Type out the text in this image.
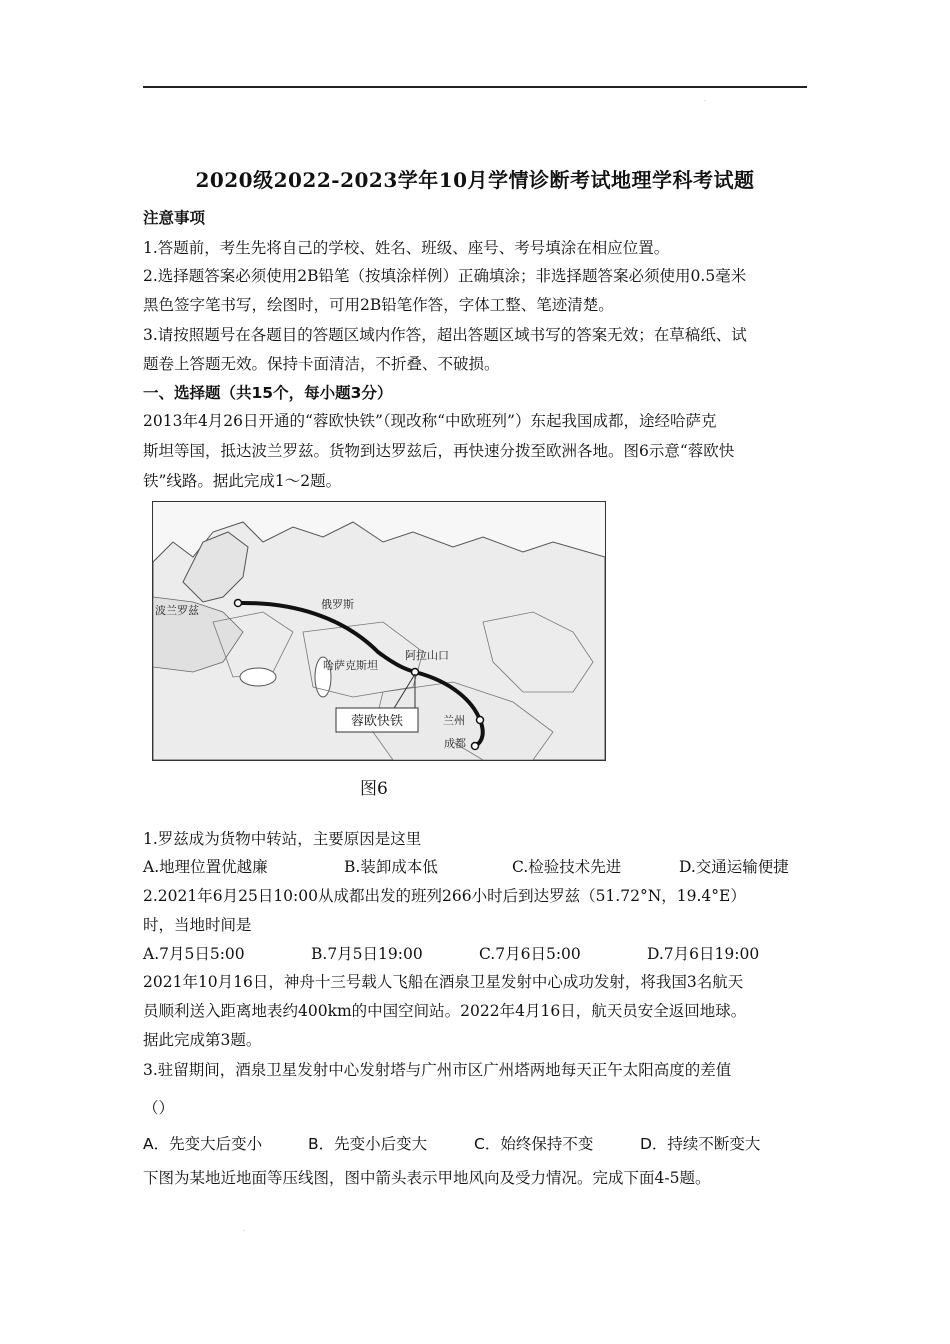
.
2020级2022-2023学年10月学情诊断考试地理学科考试题
注意事项
1.答题前，考生先将自己的学校、姓名、班级、座号、考号填涂在相应位置。
2.选择题答案必须使用2B铅笔（按填涂样例）正确填涂；非选择题答案必须使用0.5毫米
黑色签字笔书写，绘图时，可用2B铅笔作答，字体工整、笔迹清楚。
3.请按照题号在各题目的答题区域内作答，超出答题区域书写的答案无效；在草稿纸、试
题卷上答题无效。保持卡面清洁，不折叠、不破损。
一、选择题（共15个，每小题3分）
2013年4月26日开通的“蓉欧快铁”（现改称“中欧班列”）东起我国成都，途经哈萨克
斯坦等国，抵达波兰罗兹。货物到达罗兹后，再快速分拨至欧洲各地。图6示意“蓉欧快
铁”线路。据此完成1～2题。
波兰罗兹	俄罗斯
哈萨克斯坦
阿拉山口
兰州
成都
蓉欧快铁
图6
1.罗兹成为货物中转站，主要原因是这里
A.地理位置优越廉	B.装卸成本低	C.检验技术先进	D.交通运输便捷
2.2021年6月25日10:00从成都出发的班列266小时后到达罗兹（51.72°N，19.4°E）
时，当地时间是
A.7月5日5:00	B.7月5日19:00	C.7月6日5:00	D.7月6日19:00
2021年10月16日，神舟十三号载人飞船在酒泉卫星发射中心成功发射，将我国3名航天
员顺利送入距离地表约400km的中国空间站。2022年4月16日，航天员安全返回地球。
据此完成第3题。
3.驻留期间，酒泉卫星发射中心发射塔与广州市区广州塔两地每天正午太阳高度的差值
（）
A．先变大后变小	B．先变小后变大	C．始终保持不变	D．持续不断变大
下图为某地近地面等压线图，图中箭头表示甲地风向及受力情况。完成下面4-5题。
.
